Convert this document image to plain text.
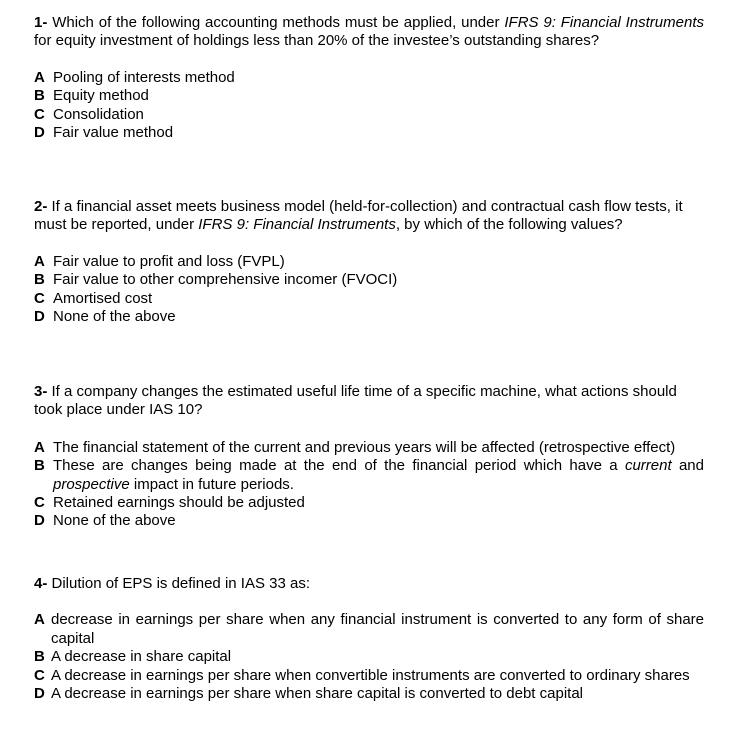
1- Which of the following accounting methods must be applied, under IFRS 9: Financial Instruments for equity investment of holdings less than 20% of the investee’s outstanding shares?

A Pooling of interests method
B Equity method
C Consolidation
D Fair value method

2- If a financial asset meets business model (held-for-collection) and contractual cash flow tests, it must be reported, under IFRS 9: Financial Instruments, by which of the following values?

A Fair value to profit and loss (FVPL)
B Fair value to other comprehensive incomer (FVOCI)
C Amortised cost
D None of the above

3- If a company changes the estimated useful life time of a specific machine, what actions should took place under IAS 10?

A The financial statement of the current and previous years will be affected (retrospective effect)
B These are changes being made at the end of the financial period which have a current and prospective impact in future periods.
C Retained earnings should be adjusted
D None of the above

4- Dilution of EPS is defined in IAS 33 as:

A decrease in earnings per share when any financial instrument is converted to any form of share capital
B A decrease in share capital
C A decrease in earnings per share when convertible instruments are converted to ordinary shares
D A decrease in earnings per share when share capital is converted to debt capital
